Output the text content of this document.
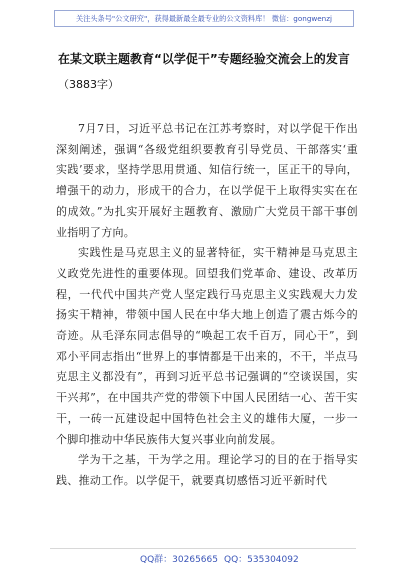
关注头条号"公文研究"，获得最新最全最专业的公文资料库！ 微信：gongwenzj
在某文联主题教育“以学促干”专题经验交流会上的发言
（3883字）

7月7日，习近平总书记在江苏考察时，对以学促干作出深刻阐述，强调“各级党组织要教育引导党员、干部落实‘重实践’要求，坚持学思用贯通、知信行统一，匡正干的导向，增强干的动力，形成干的合力，在以学促干上取得实实在在的成效。”为扎实开展好主题教育、激励广大党员干部干事创业指明了方向。

实践性是马克思主义的显著特征，实干精神是马克思主义政党先进性的重要体现。回望我们党革命、建设、改革历程，一代代中国共产党人坚定践行马克思主义实践观大力发扬实干精神，带领中国人民在中华大地上创造了震古烁今的奇迹。从毛泽东同志倡导的“唤起工农千百万，同心干”，到邓小平同志指出“世界上的事情都是干出来的，不干，半点马克思主义都没有”，再到习近平总书记强调的“空谈误国，实干兴邦”，在中国共产党的带领下中国人民团结一心、苦干实干，一砖一瓦建设起中国特色社会主义的雄伟大厦，一步一个脚印推动中华民族伟大复兴事业向前发展。

学为干之基，干为学之用。理论学习的目的在于指导实践、推动工作。以学促干，就要真切感悟习近平新时代

QQ群：30265665 QQ：535304092
